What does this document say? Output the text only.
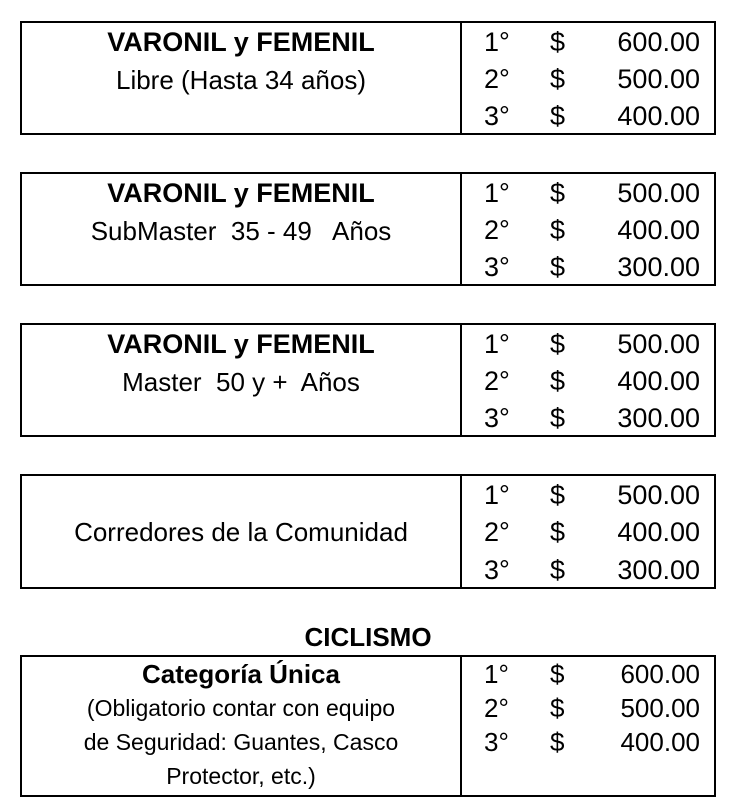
VARONIL y FEMENIL
Libre (Hasta 34 años)
1° $ 600.00
2° $ 500.00
3° $ 400.00
VARONIL y FEMENIL
SubMaster  35 - 49   Años
1° $ 500.00
2° $ 400.00
3° $ 300.00
VARONIL y FEMENIL
Master  50 y +  Años
1° $ 500.00
2° $ 400.00
3° $ 300.00
Corredores de la Comunidad
1° $ 500.00
2° $ 400.00
3° $ 300.00
CICLISMO
Categoría Única
(Obligatorio contar con equipo
de Seguridad: Guantes, Casco
Protector, etc.)
1° $ 600.00
2° $ 500.00
3° $ 400.00
